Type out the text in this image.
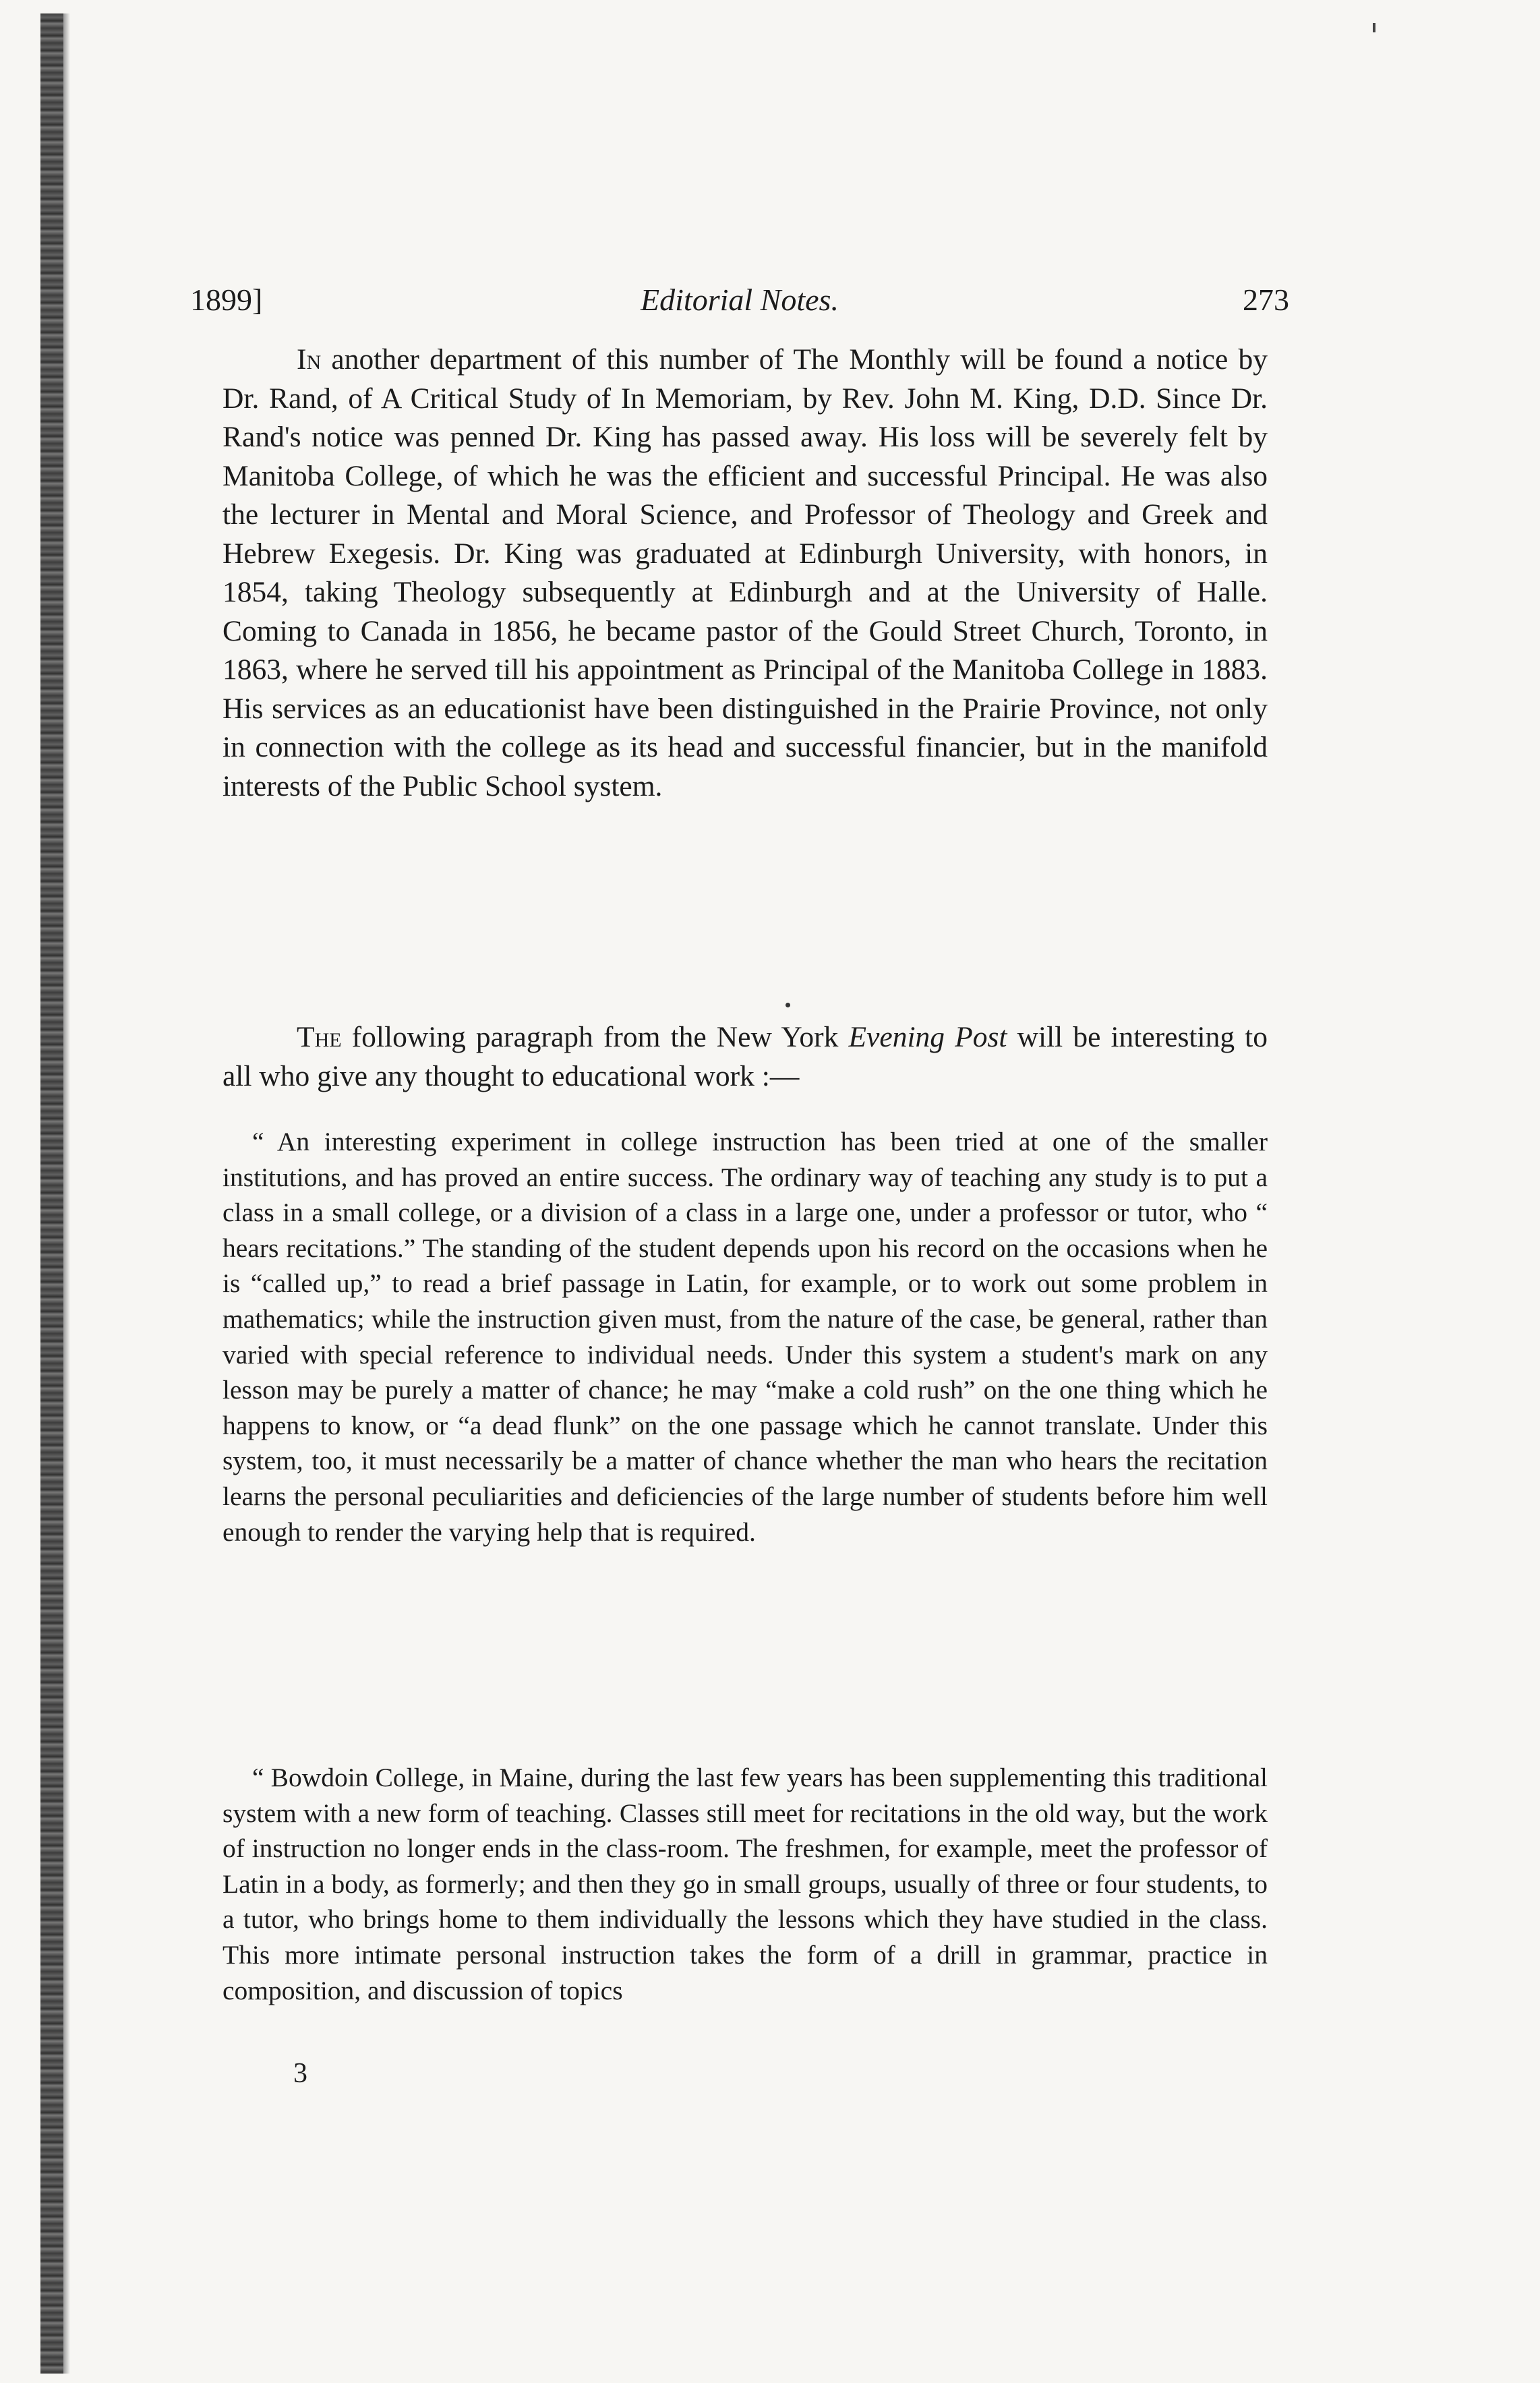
1899]	Editorial Notes.	273

In another department of this number of The Monthly will be found a notice by Dr. Rand, of A Critical Study of In Memoriam, by Rev. John M. King, D.D. Since Dr. Rand's notice was penned Dr. King has passed away. His loss will be severely felt by Manitoba College, of which he was the efficient and successful Principal. He was also the lecturer in Mental and Moral Science, and Professor of Theology and Greek and Hebrew Exegesis. Dr. King was graduated at Edinburgh University, with honors, in 1854, taking Theology subsequently at Edinburgh and at the University of Halle. Coming to Canada in 1856, he became pastor of the Gould Street Church, Toronto, in 1863, where he served till his appointment as Principal of the Manitoba College in 1883. His services as an educationist have been distinguished in the Prairie Province, not only in connection with the college as its head and successful financier, but in the manifold interests of the Public School system.

The following paragraph from the New York Evening Post will be interesting to all who give any thought to educational work :—

“ An interesting experiment in college instruction has been tried at one of the smaller institutions, and has proved an entire success. The ordinary way of teaching any study is to put a class in a small college, or a division of a class in a large one, under a professor or tutor, who “ hears recitations.” The standing of the student depends upon his record on the occasions when he is “called up,” to read a brief passage in Latin, for example, or to work out some problem in mathematics; while the instruction given must, from the nature of the case, be general, rather than varied with special reference to individual needs. Under this system a student's mark on any lesson may be purely a matter of chance; he may “make a cold rush” on the one thing which he happens to know, or “a dead flunk” on the one passage which he cannot translate. Under this system, too, it must necessarily be a matter of chance whether the man who hears the recitation learns the personal peculiarities and deficiencies of the large number of students before him well enough to render the varying help that is required.

“ Bowdoin College, in Maine, during the last few years has been supplementing this traditional system with a new form of teaching. Classes still meet for recitations in the old way, but the work of instruction no longer ends in the class-room. The freshmen, for example, meet the professor of Latin in a body, as formerly; and then they go in small groups, usually of three or four students, to a tutor, who brings home to them individually the lessons which they have studied in the class. This more intimate personal instruction takes the form of a drill in grammar, practice in composition, and discussion of topics

3
